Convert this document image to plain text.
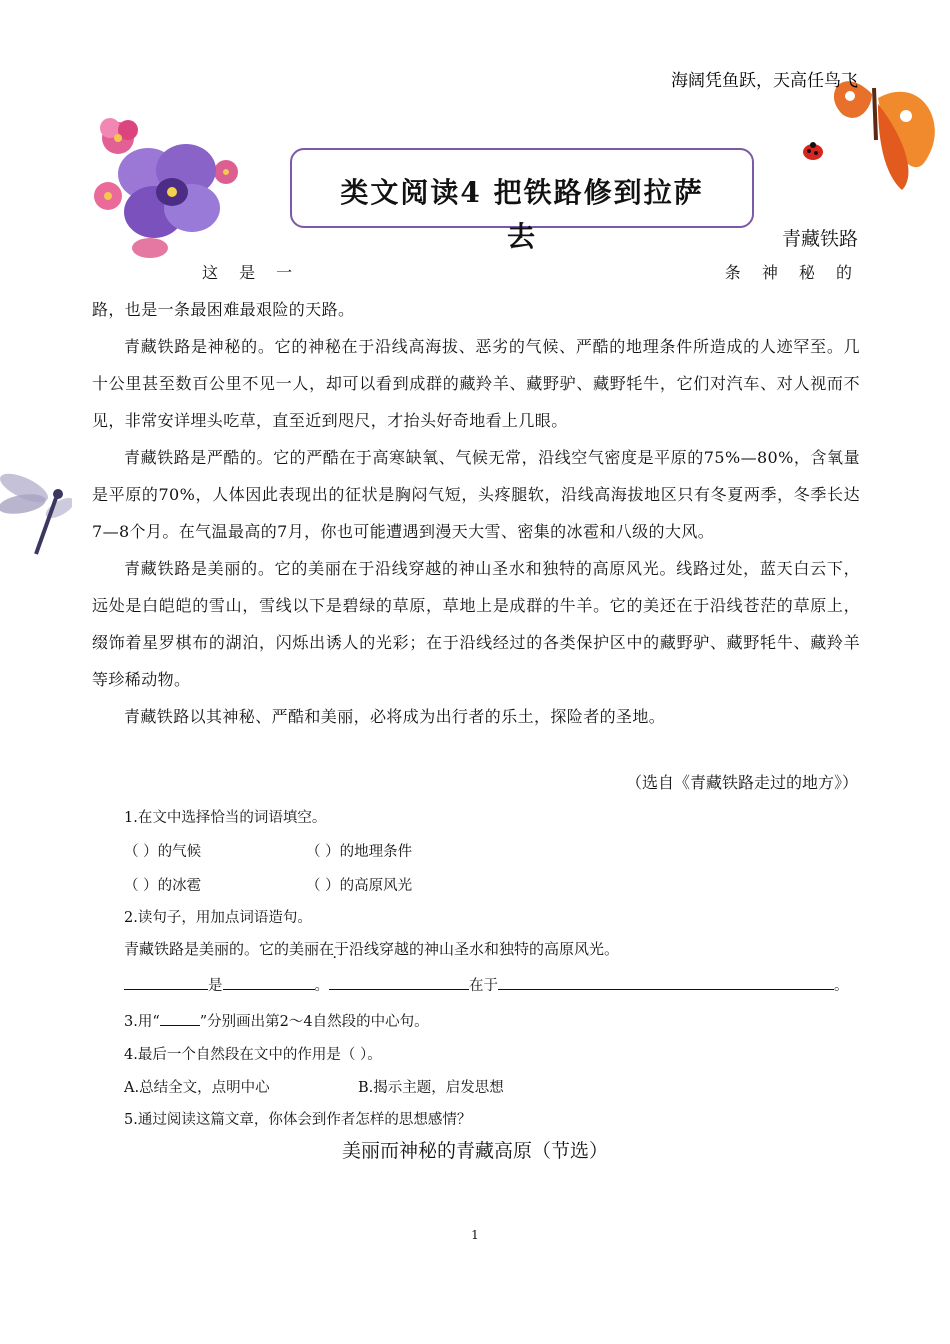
海阔凭鱼跃，天高任鸟飞
类文阅读4 把铁路修到拉萨
去	青藏铁路
这 是 一	条 神 秘 的

路，也是一条最困难最艰险的天路。

青藏铁路是神秘的。它的神秘在于沿线高海拔、恶劣的气候、严酷的地理条件所造成的人迹罕至。几十公里甚至数百公里不见一人，却可以看到成群的藏羚羊、藏野驴、藏野牦牛，它们对汽车、对人视而不见，非常安详埋头吃草，直至近到咫尺，才抬头好奇地看上几眼。

青藏铁路是严酷的。它的严酷在于高寒缺氧、气候无常，沿线空气密度是平原的75%—80%，含氧量是平原的70%，人体因此表现出的征状是胸闷气短，头疼腿软，沿线高海拔地区只有冬夏两季，冬季长达7—8个月。在气温最高的7月，你也可能遭遇到漫天大雪、密集的冰雹和八级的大风。

青藏铁路是美丽的。它的美丽在于沿线穿越的神山圣水和独特的高原风光。线路过处，蓝天白云下，远处是白皑皑的雪山，雪线以下是碧绿的草原，草地上是成群的牛羊。它的美还在于沿线苍茫的草原上，缀饰着星罗棋布的湖泊，闪烁出诱人的光彩；在于沿线经过的各类保护区中的藏野驴、藏野牦牛、藏羚羊等珍稀动物。

青藏铁路以其神秘、严酷和美丽，必将成为出行者的乐土，探险者的圣地。

（选自《青藏铁路走过的地方》）
1.在文中选择恰当的词语填空。
（ ）的气候	（ ）的地理条件
（ ）的冰雹	（ ）的高原风光
2.读句子，用加点词语造句。
青藏铁路是美丽的。它的美丽在于沿线穿越的神山圣水和独特的高原风光。
是	。	在于	。
3.用“	”分别画出第2～4自然段的中心句。
4.最后一个自然段在文中的作用是（ ）。
A.总结全文，点明中心	B.揭示主题，启发思想
5.通过阅读这篇文章，你体会到作者怎样的思想感情？
美丽而神秘的青藏高原（节选）
1
